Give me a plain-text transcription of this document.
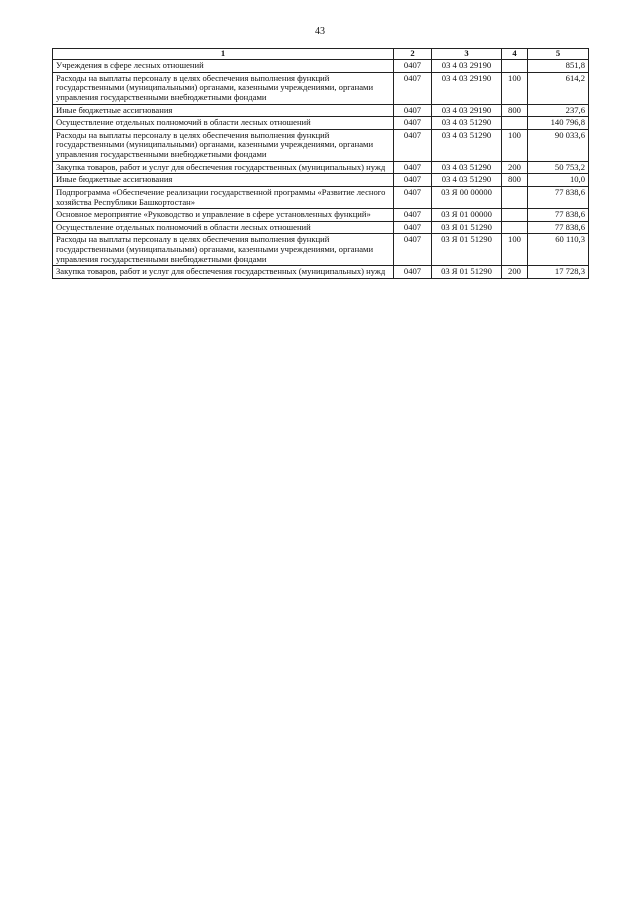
43
1	2	3	4	5
Учреждения в сфере лесных отношений	0407	03 4 03 29190		851,8
Расходы на выплаты персоналу в целях обеспечения выполнения функций государственными (муниципальными) органами, казенными учреждениями, органами управления государственными внебюджетными фондами	0407	03 4 03 29190	100	614,2
Иные бюджетные ассигнования	0407	03 4 03 29190	800	237,6
Осуществление отдельных полномочий в области лесных отношений	0407	03 4 03 51290		140 796,8
Расходы на выплаты персоналу в целях обеспечения выполнения функций государственными (муниципальными) органами, казенными учреждениями, органами управления государственными внебюджетными фондами	0407	03 4 03 51290	100	90 033,6
Закупка товаров, работ и услуг для обеспечения государственных (муниципальных) нужд	0407	03 4 03 51290	200	50 753,2
Иные бюджетные ассигнования	0407	03 4 03 51290	800	10,0
Подпрограмма «Обеспечение реализации государственной программы «Развитие лесного хозяйства Республики Башкортостан»	0407	03 Я 00 00000		77 838,6
Основное мероприятие «Руководство и управление в сфере установленных функций»	0407	03 Я 01 00000		77 838,6
Осуществление отдельных полномочий в области лесных отношений	0407	03 Я 01 51290		77 838,6
Расходы на выплаты персоналу в целях обеспечения выполнения функций государственными (муниципальными) органами, казенными учреждениями, органами управления государственными внебюджетными фондами	0407	03 Я 01 51290	100	60 110,3
Закупка товаров, работ и услуг для обеспечения государственных (муниципальных) нужд	0407	03 Я 01 51290	200	17 728,3
